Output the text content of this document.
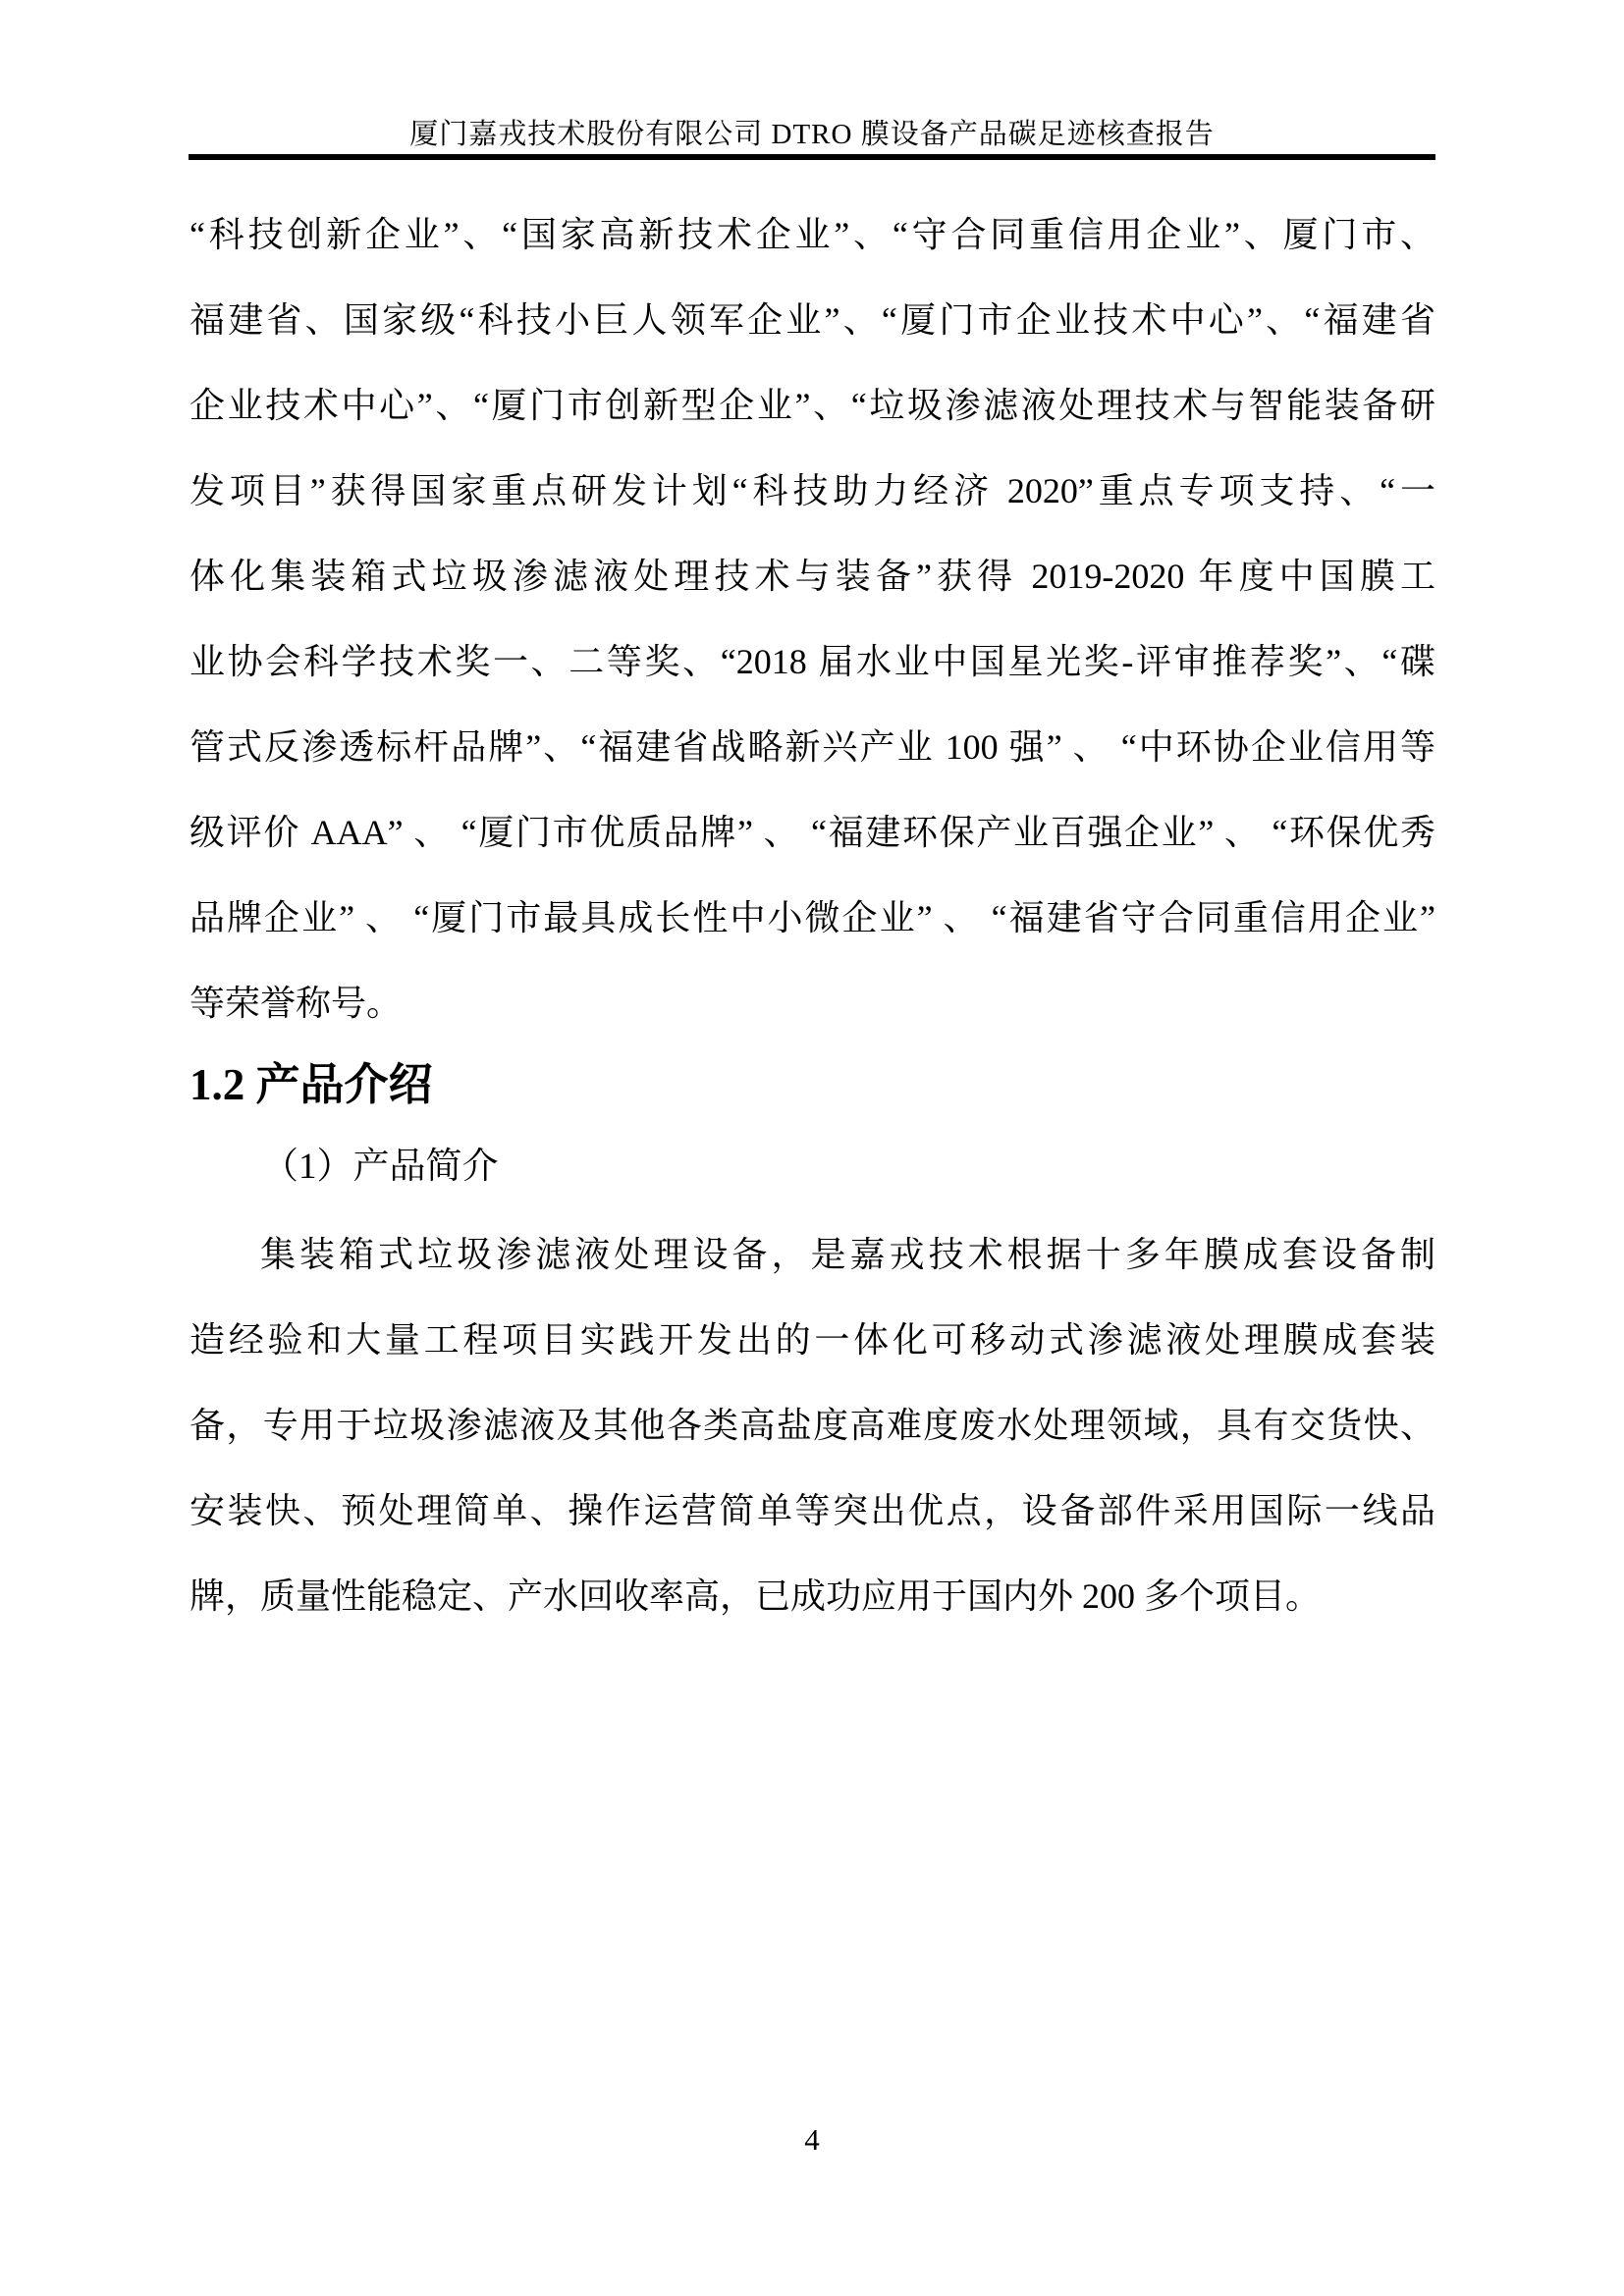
厦门嘉戎技术股份有限公司 DTRO 膜设备产品碳足迹核查报告
“科技创新企业”、“国家高新技术企业”、“守合同重信用企业”、厦门市、
福建省、国家级“科技小巨人领军企业”、“厦门市企业技术中心”、“福建省
企业技术中心”、“厦门市创新型企业”、“垃圾渗滤液处理技术与智能装备研
发项目”获得国家重点研发计划“科技助力经济 2020”重点专项支持、“一
体化集装箱式垃圾渗滤液处理技术与装备”获得 2019-2020 年度中国膜工
业协会科学技术奖一、二等奖、“2018 届水业中国星光奖-评审推荐奖”、“碟
管式反渗透标杆品牌”、“福建省战略新兴产业 100 强” 、 “中环协企业信用等
级评价 AAA” 、 “厦门市优质品牌” 、 “福建环保产业百强企业” 、 “环保优秀
品牌企业” 、 “厦门市最具成长性中小微企业” 、 “福建省守合同重信用企业”
等荣誉称号。
1.2 产品介绍
（1）产品简介
集装箱式垃圾渗滤液处理设备，是嘉戎技术根据十多年膜成套设备制
造经验和大量工程项目实践开发出的一体化可移动式渗滤液处理膜成套装
备，专用于垃圾渗滤液及其他各类高盐度高难度废水处理领域，具有交货快、
安装快、预处理简单、操作运营简单等突出优点，设备部件采用国际一线品
牌，质量性能稳定、产水回收率高，已成功应用于国内外 200 多个项目。
4
